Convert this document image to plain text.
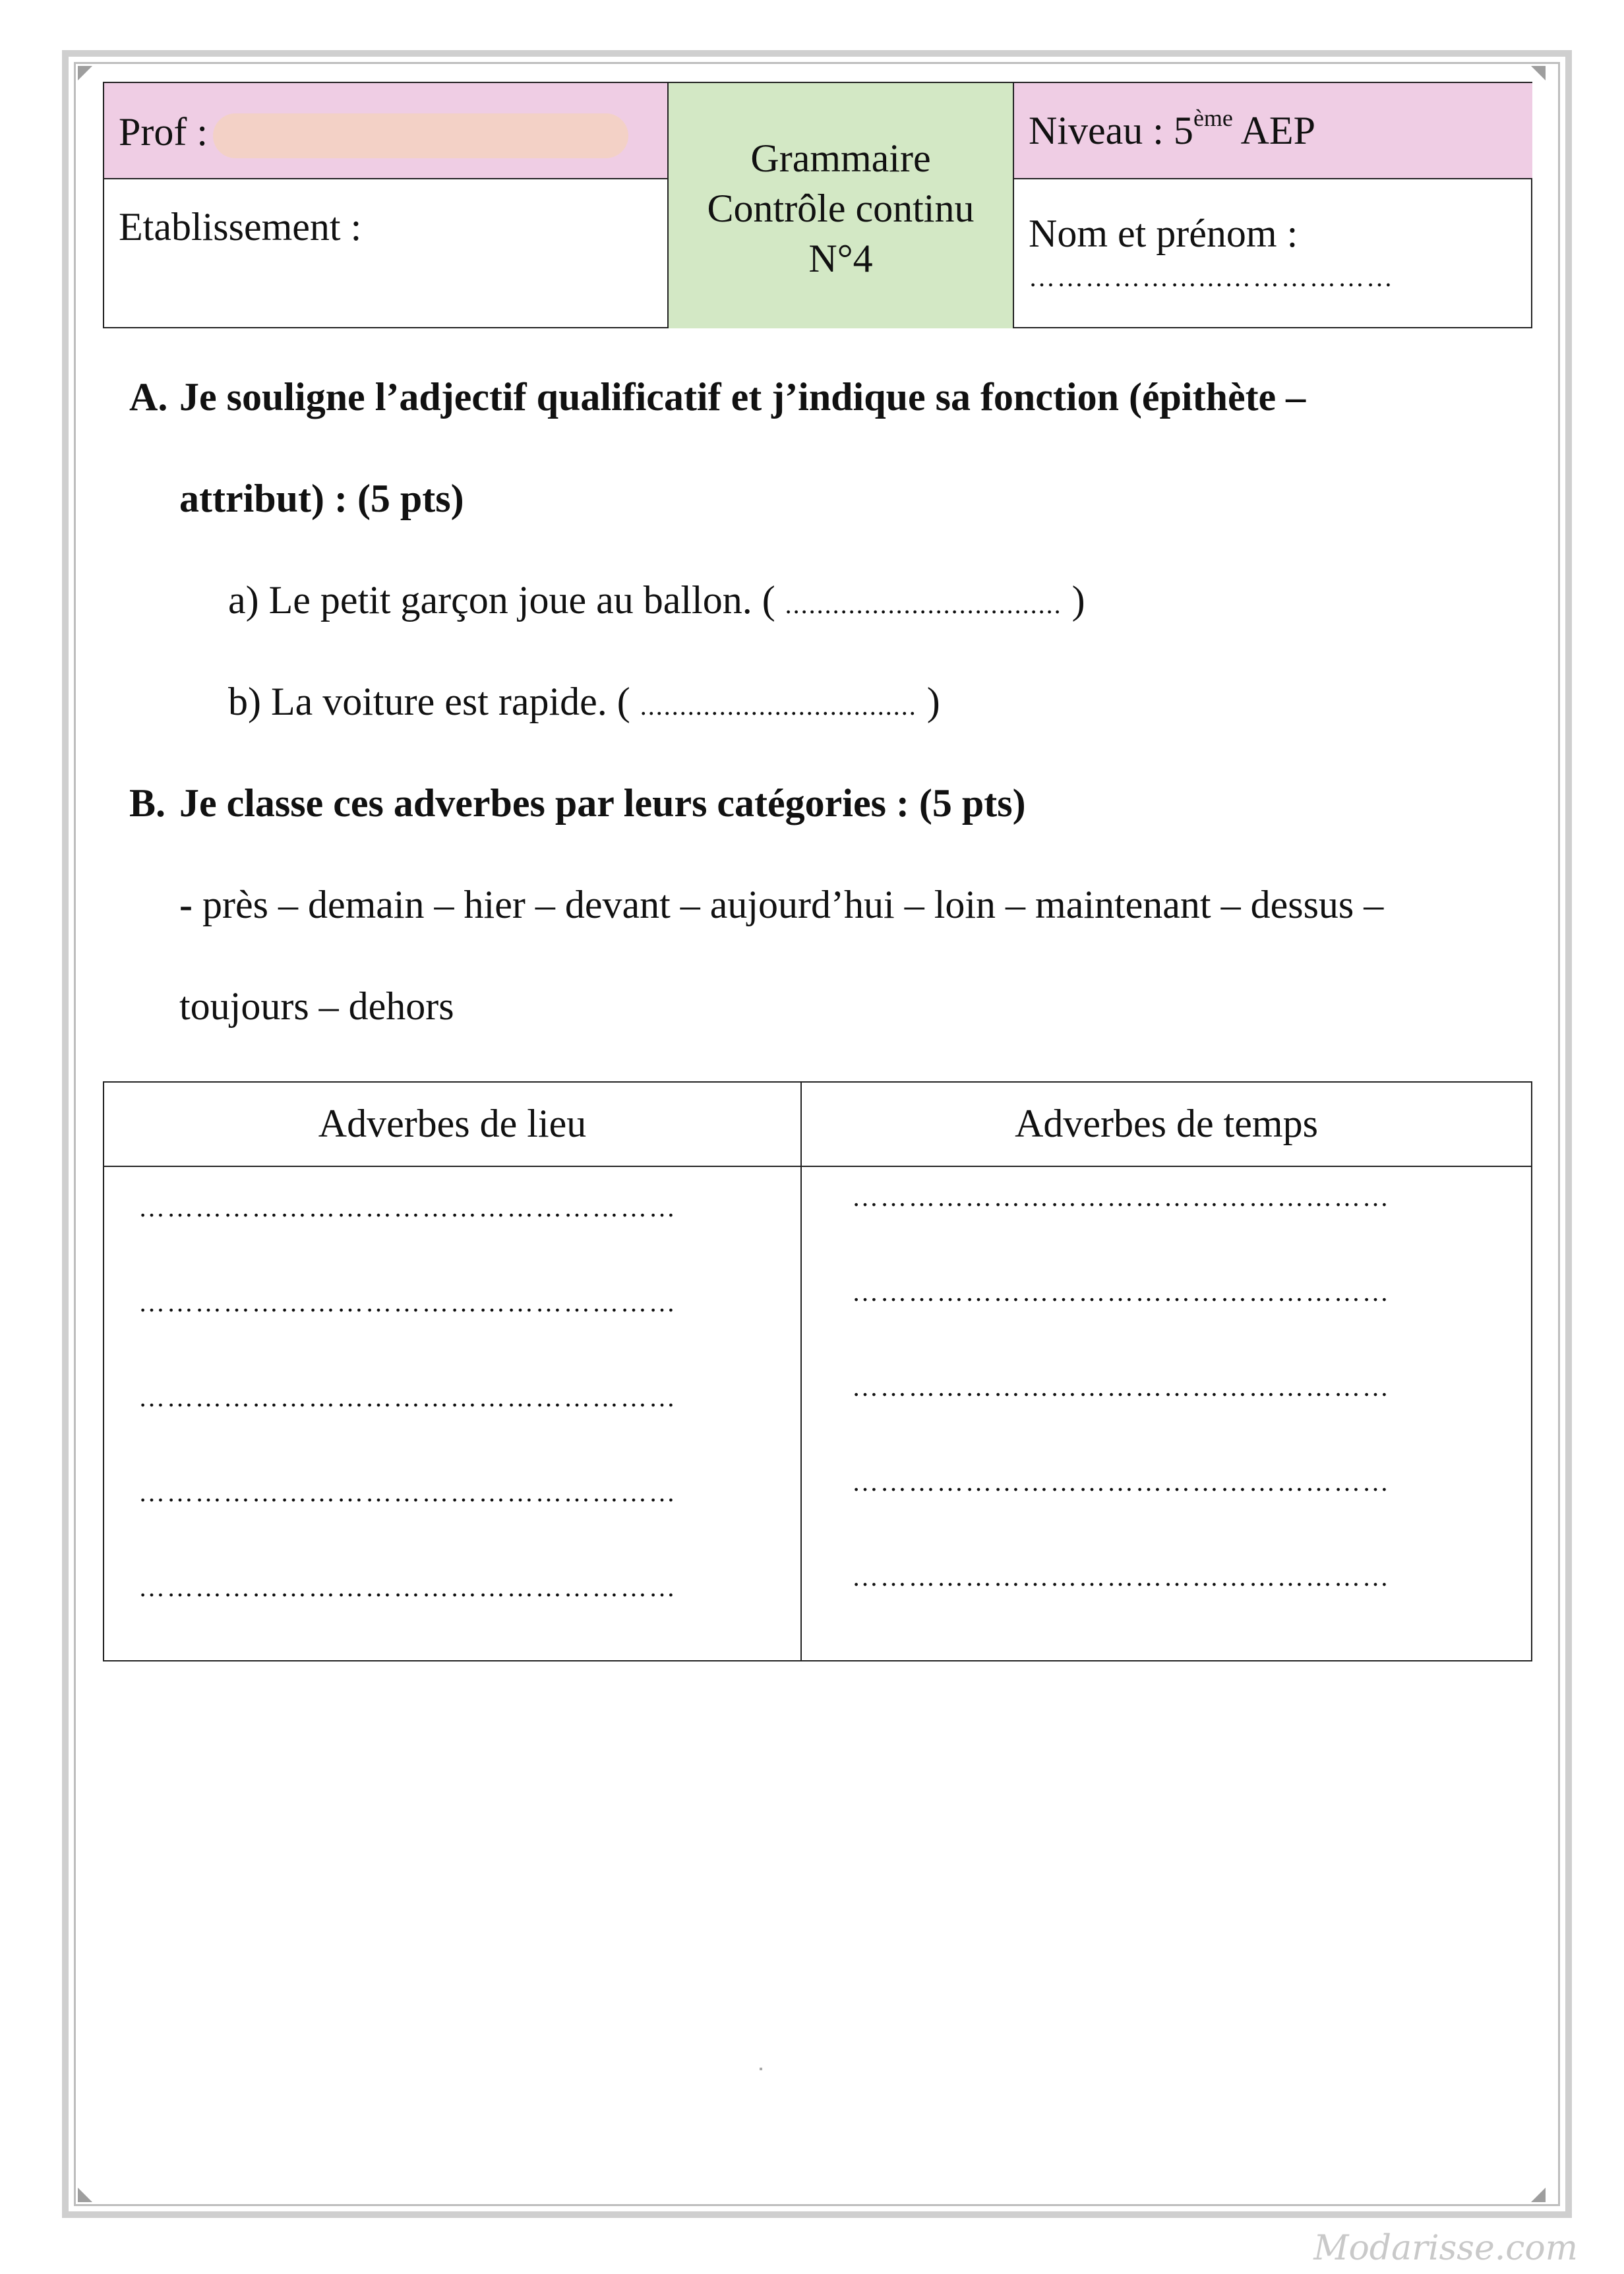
Prof :
Etablissement :
Grammaire
Contrôle continu
N°4
Niveau : 5ème AEP
Nom et prénom :
………………...………………
A. Je souligne l’adjectif qualificatif et j’indique sa fonction (épithète –
attribut) : (5 pts)
a) Le petit garçon joue au ballon. ( ................................... )
b) La voiture est rapide. ( ................................... )
B. Je classe ces adverbes par leurs catégories : (5 pts)
- près – demain – hier – devant – aujourd’hui – loin – maintenant – dessus –
toujours – dehors
Adverbes de lieu
…………………………………………………
…………………………………………………
…………………………………………………
…………………………………………………
…………………………………………………
Adverbes de temps
…………………………………………………
…………………………………………………
…………………………………………………
…………………………………………………
…………………………………………………
Modarisse.com
